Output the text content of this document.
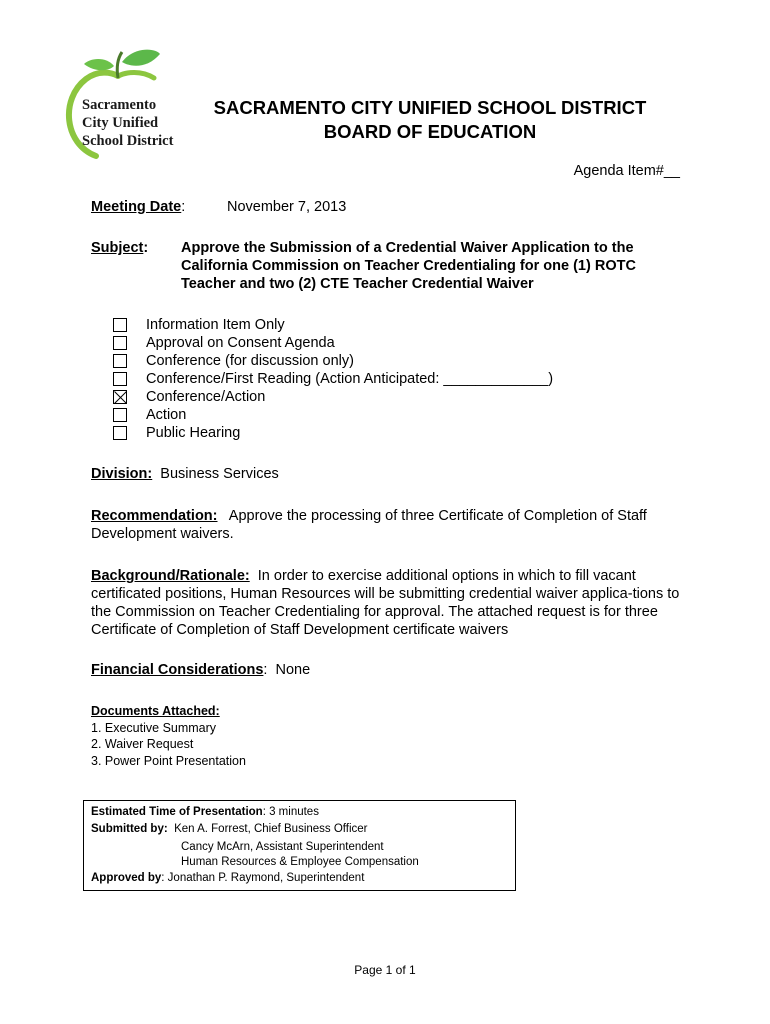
Sacramento
City Unified
School District
SACRAMENTO CITY UNIFIED SCHOOL DISTRICT
BOARD OF EDUCATION
Agenda Item#__
Meeting Date:	November 7, 2013
Subject: Approve the Submission of a Credential Waiver Application to the California Commission on Teacher Credentialing for one (1) ROTC Teacher and two (2) CTE Teacher Credential Waiver
Information Item Only
Approval on Consent Agenda
Conference (for discussion only)
Conference/First Reading (Action Anticipated: _____________)
Conference/Action
Action
Public Hearing
Division: Business Services
Recommendation: Approve the processing of three Certificate of Completion of Staff Development waivers.
Background/Rationale: In order to exercise additional options in which to fill vacant certificated positions, Human Resources will be submitting credential waiver applica-tions to the Commission on Teacher Credentialing for approval. The attached request is for three Certificate of Completion of Staff Development certificate waivers
Financial Considerations: None
Documents Attached:
1. Executive Summary
2. Waiver Request
3. Power Point Presentation
Estimated Time of Presentation: 3 minutes
Submitted by: Ken A. Forrest, Chief Business Officer
Cancy McArn, Assistant Superintendent
Human Resources & Employee Compensation
Approved by: Jonathan P. Raymond, Superintendent
Page 1 of 1
